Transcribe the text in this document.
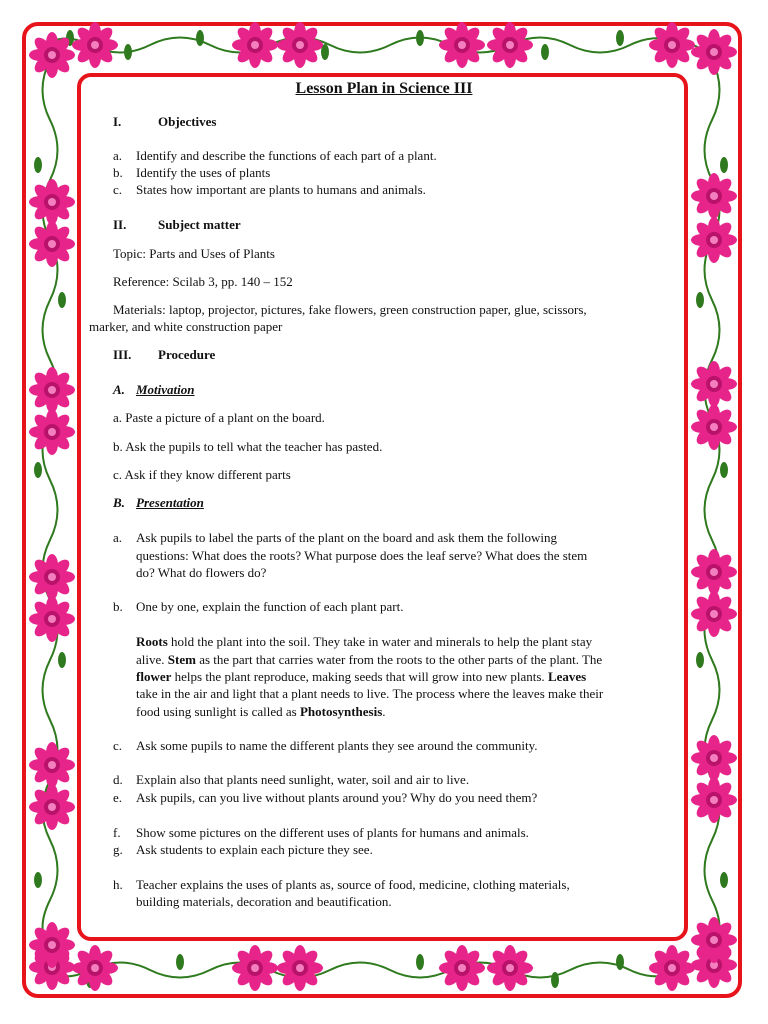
Lesson Plan in Science III
I.	Objectives
a. Identify and describe the functions of each part of a plant.
b. Identify the uses of plants
c. States how important are plants to humans and animals.
II. Subject matter
Topic: Parts and Uses of Plants
Reference: Scilab 3, pp. 140 – 152
Materials: laptop, projector, pictures, fake flowers, green construction paper, glue, scissors,
marker, and white construction paper
III. Procedure
A. Motivation
a. Paste a picture of a plant on the board.
b. Ask the pupils to tell what the teacher has pasted.
c. Ask if they know different parts
B. Presentation
a. Ask pupils to label the parts of the plant on the board and ask them the following
questions: What does the roots? What purpose does the leaf serve? What does the stem
do? What do flowers do?
b. One by one, explain the function of each plant part.
Roots hold the plant into the soil. They take in water and minerals to help the plant stay
alive. Stem as the part that carries water from the roots to the other parts of the plant. The
flower helps the plant reproduce, making seeds that will grow into new plants. Leaves
take in the air and light that a plant needs to live. The process where the leaves make their
food using sunlight is called as Photosynthesis.
c. Ask some pupils to name the different plants they see around the community.
d. Explain also that plants need sunlight, water, soil and air to live.
e. Ask pupils, can you live without plants around you? Why do you need them?
f. Show some pictures on the different uses of plants for humans and animals.
g. Ask students to explain each picture they see.
h. Teacher explains the uses of plants as, source of food, medicine, clothing materials,
building materials, decoration and beautification.
